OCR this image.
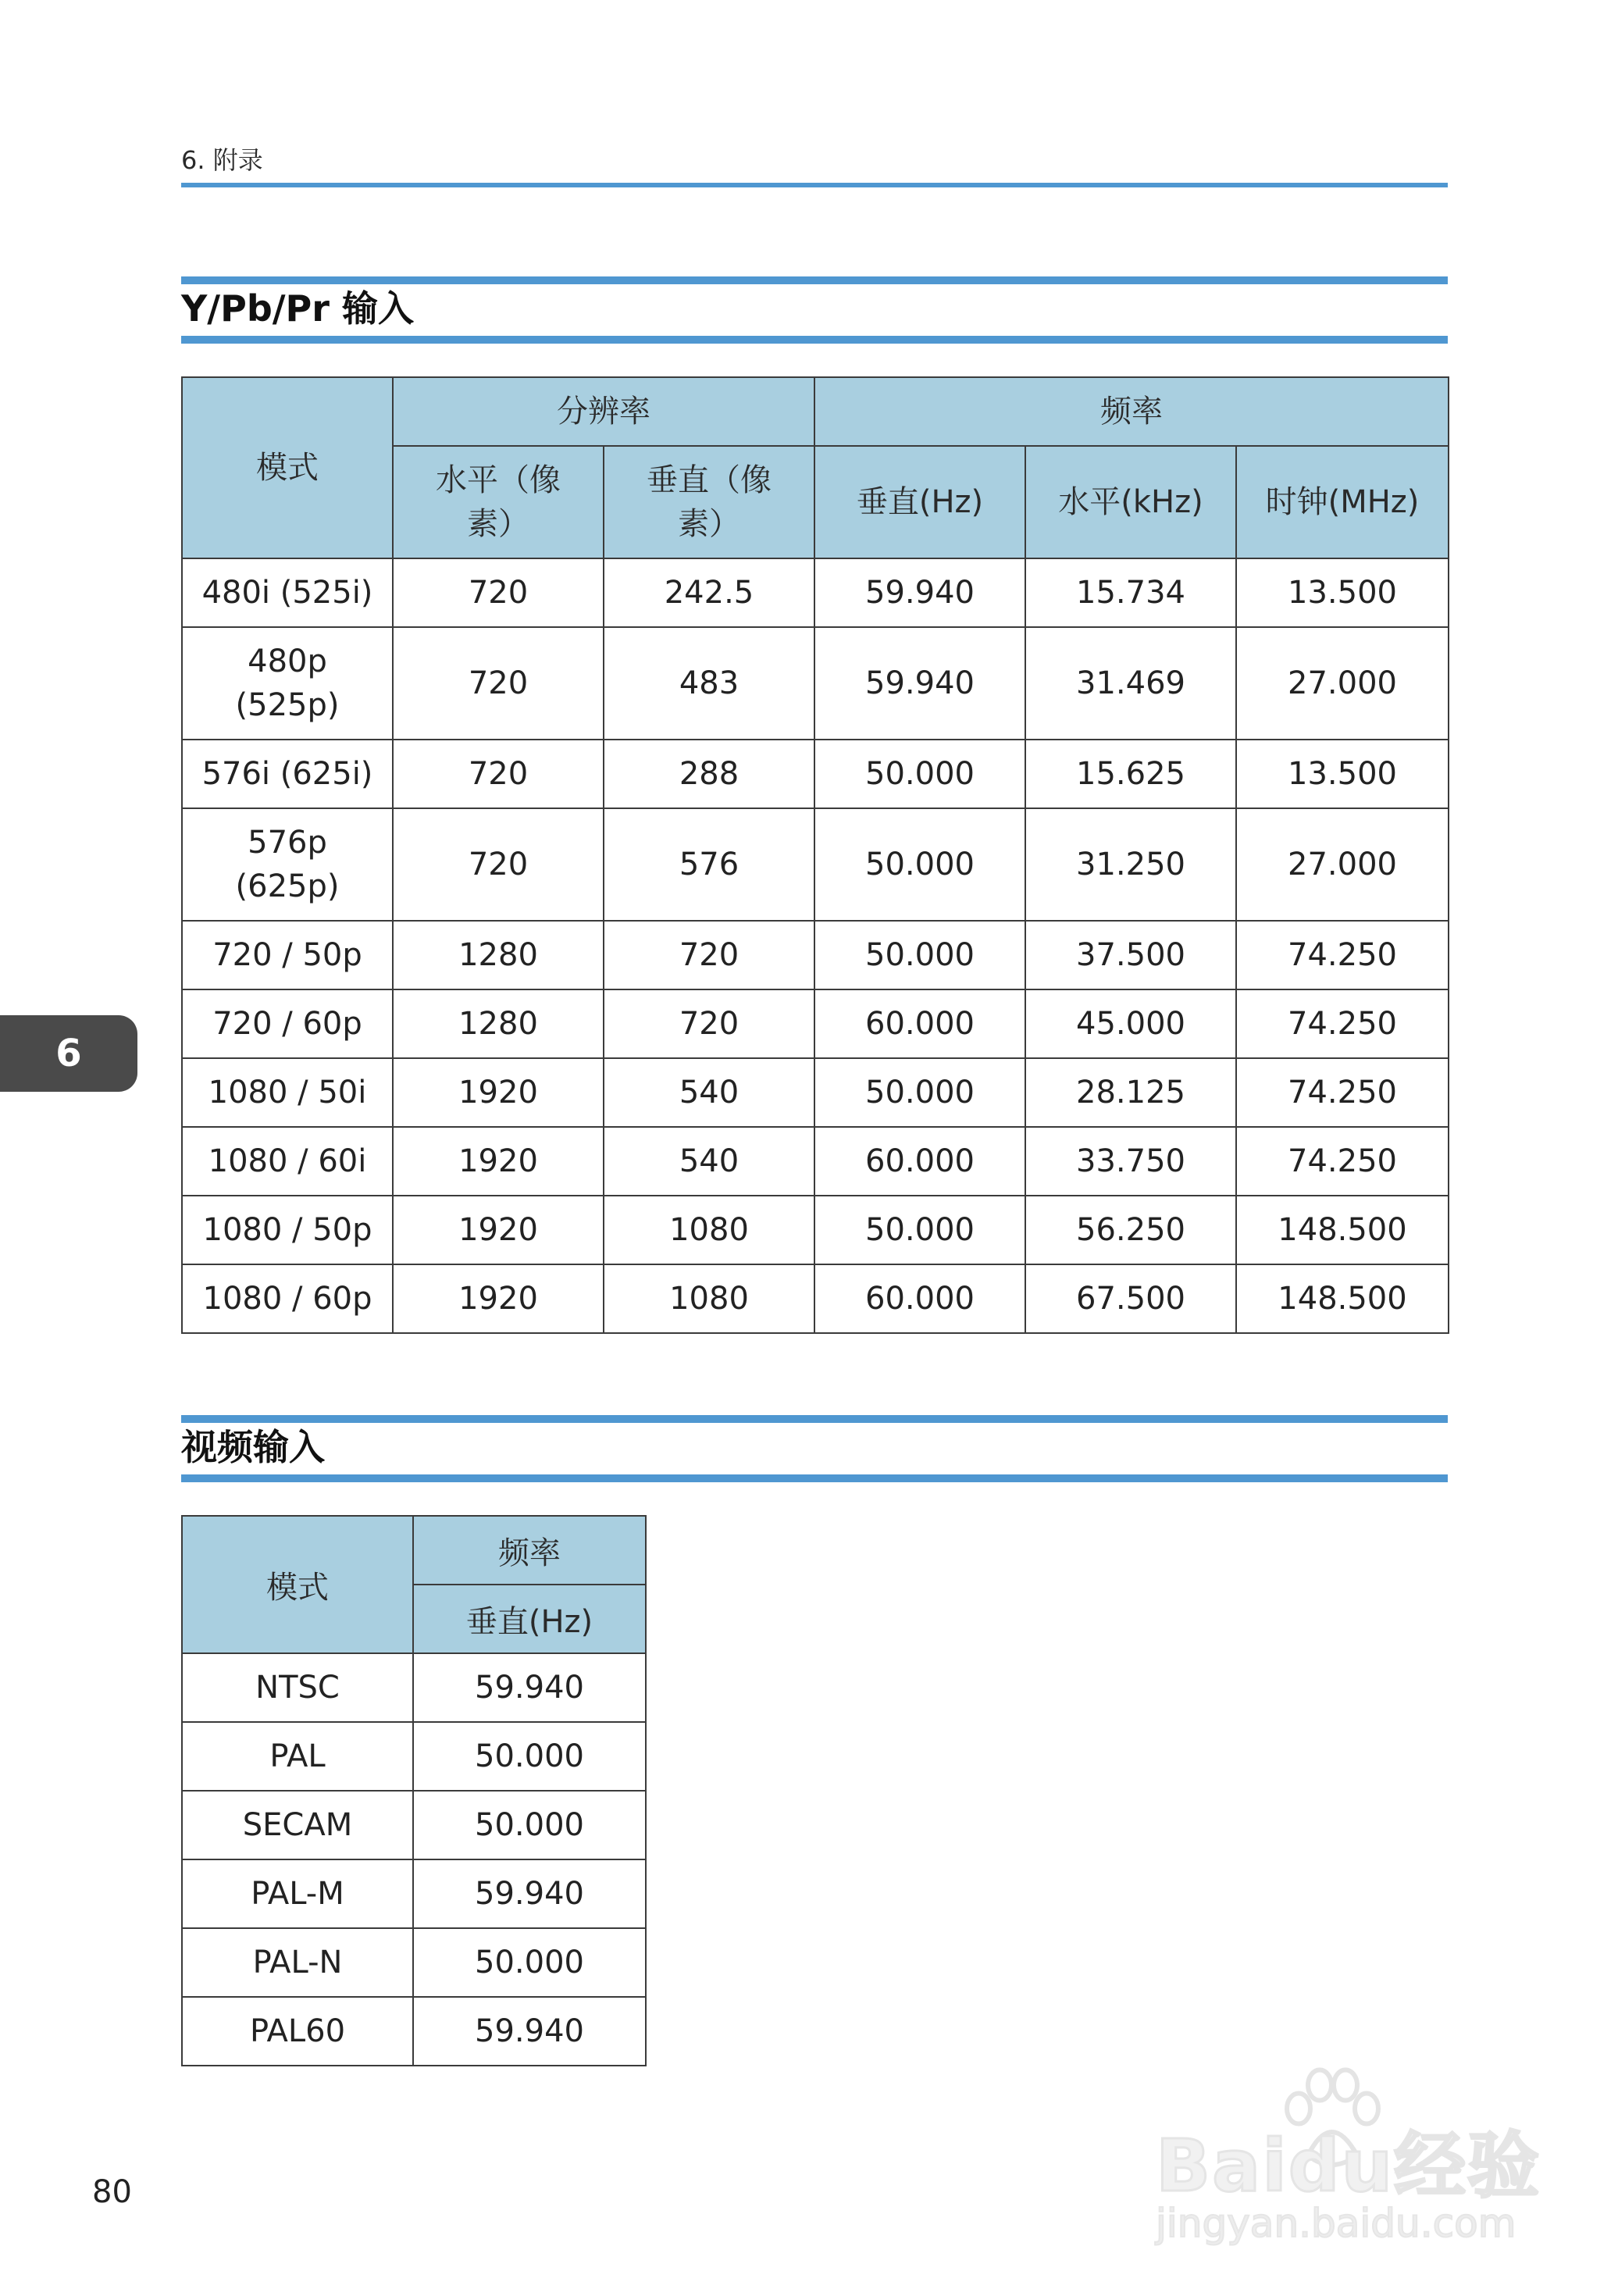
6. 附录
Y/Pb/Pr 输入
模式	分辨率		频率		

	水平（像素）	垂直（像素）	垂直(Hz)	水平(kHz)	时钟(MHz)
480i (525i)	720	242.5	59.940	15.734	13.500

480p (525p)	720	483	59.940	31.469	27.000
576i (625i)	720	288	50.000	15.625	13.500

576p (625p)	720	576	50.000	31.250	27.000
720 / 50p	1280	720	50.000	37.500	74.250
720 / 60p	1280	720	60.000	45.000	74.250
1080 / 50i	1920	540	50.000	28.125	74.250
1080 / 60i	1920	540	60.000	33.750	74.250
1080 / 50p	1920	1080	50.000	56.250	148.500
1080 / 60p	1920	1080	60.000	67.500	148.500
视频输入
模式	频率
	垂直(Hz)
NTSC	59.940
PAL	50.000
SECAM	50.000
PAL-M	59.940
PAL-N	50.000
PAL60	59.940
6
80	Baidu经验
jingyan.baidu.com
